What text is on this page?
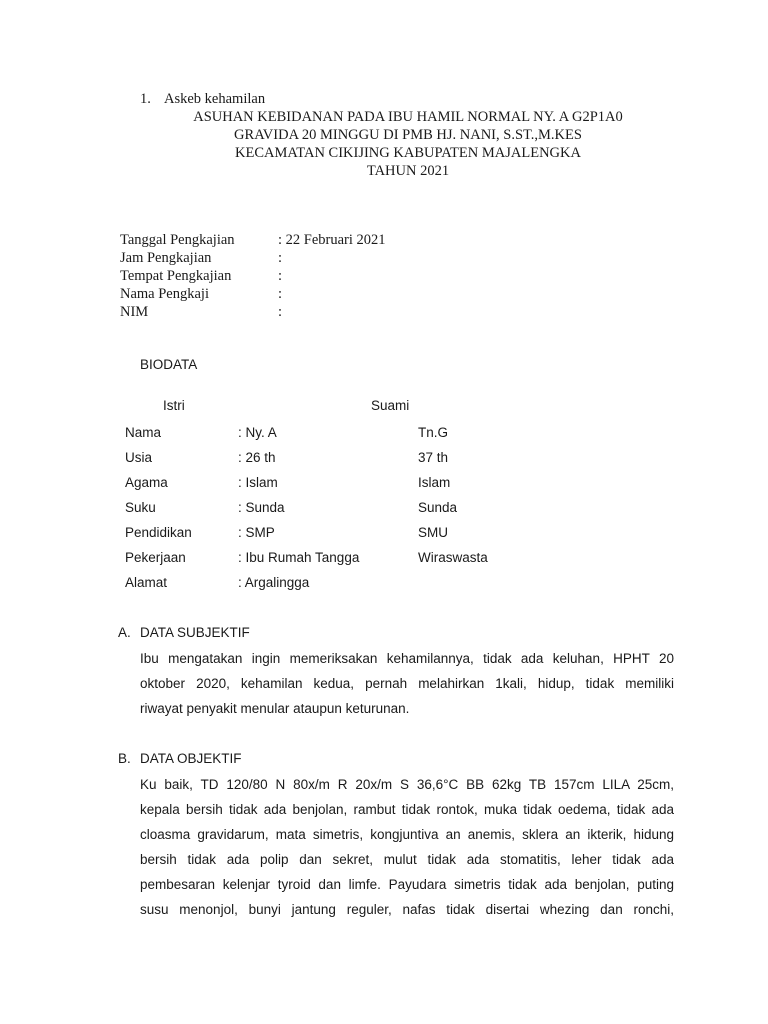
1. Askeb kehamilan
ASUHAN KEBIDANAN PADA IBU HAMIL NORMAL NY. A G2P1A0
GRAVIDA 20 MINGGU DI PMB HJ. NANI, S.ST.,M.KES
KECAMATAN CIKIJING KABUPATEN MAJALENGKA
TAHUN 2021
Tanggal Pengkajian	: 22 Februari 2021
Jam Pengkajian	:
Tempat Pengkajian	:
Nama Pengkaji	:
NIM	:
BIODATA
Istri	Suami
Nama	: Ny. A	Tn.G
Usia	: 26 th	37 th
Agama	: Islam	Islam
Suku	: Sunda	Sunda
Pendidikan	: SMP	SMU
Pekerjaan	: Ibu Rumah Tangga	Wiraswasta
Alamat	: Argalingga
A. DATA SUBJEKTIF
Ibu mengatakan ingin memeriksakan kehamilannya, tidak ada keluhan, HPHT 20
oktober 2020, kehamilan kedua, pernah melahirkan 1kali, hidup, tidak memiliki
riwayat penyakit menular ataupun keturunan.
B. DATA OBJEKTIF
Ku baik, TD 120/80 N 80x/m R 20x/m S 36,6°C BB 62kg TB 157cm LILA 25cm,
kepala bersih tidak ada benjolan, rambut tidak rontok, muka tidak oedema, tidak ada
cloasma gravidarum, mata simetris, kongjuntiva an anemis, sklera an ikterik, hidung
bersih tidak ada polip dan sekret, mulut tidak ada stomatitis, leher tidak ada
pembesaran kelenjar tyroid dan limfe. Payudara simetris tidak ada benjolan, puting
susu menonjol, bunyi jantung reguler, nafas tidak disertai whezing dan ronchi,
